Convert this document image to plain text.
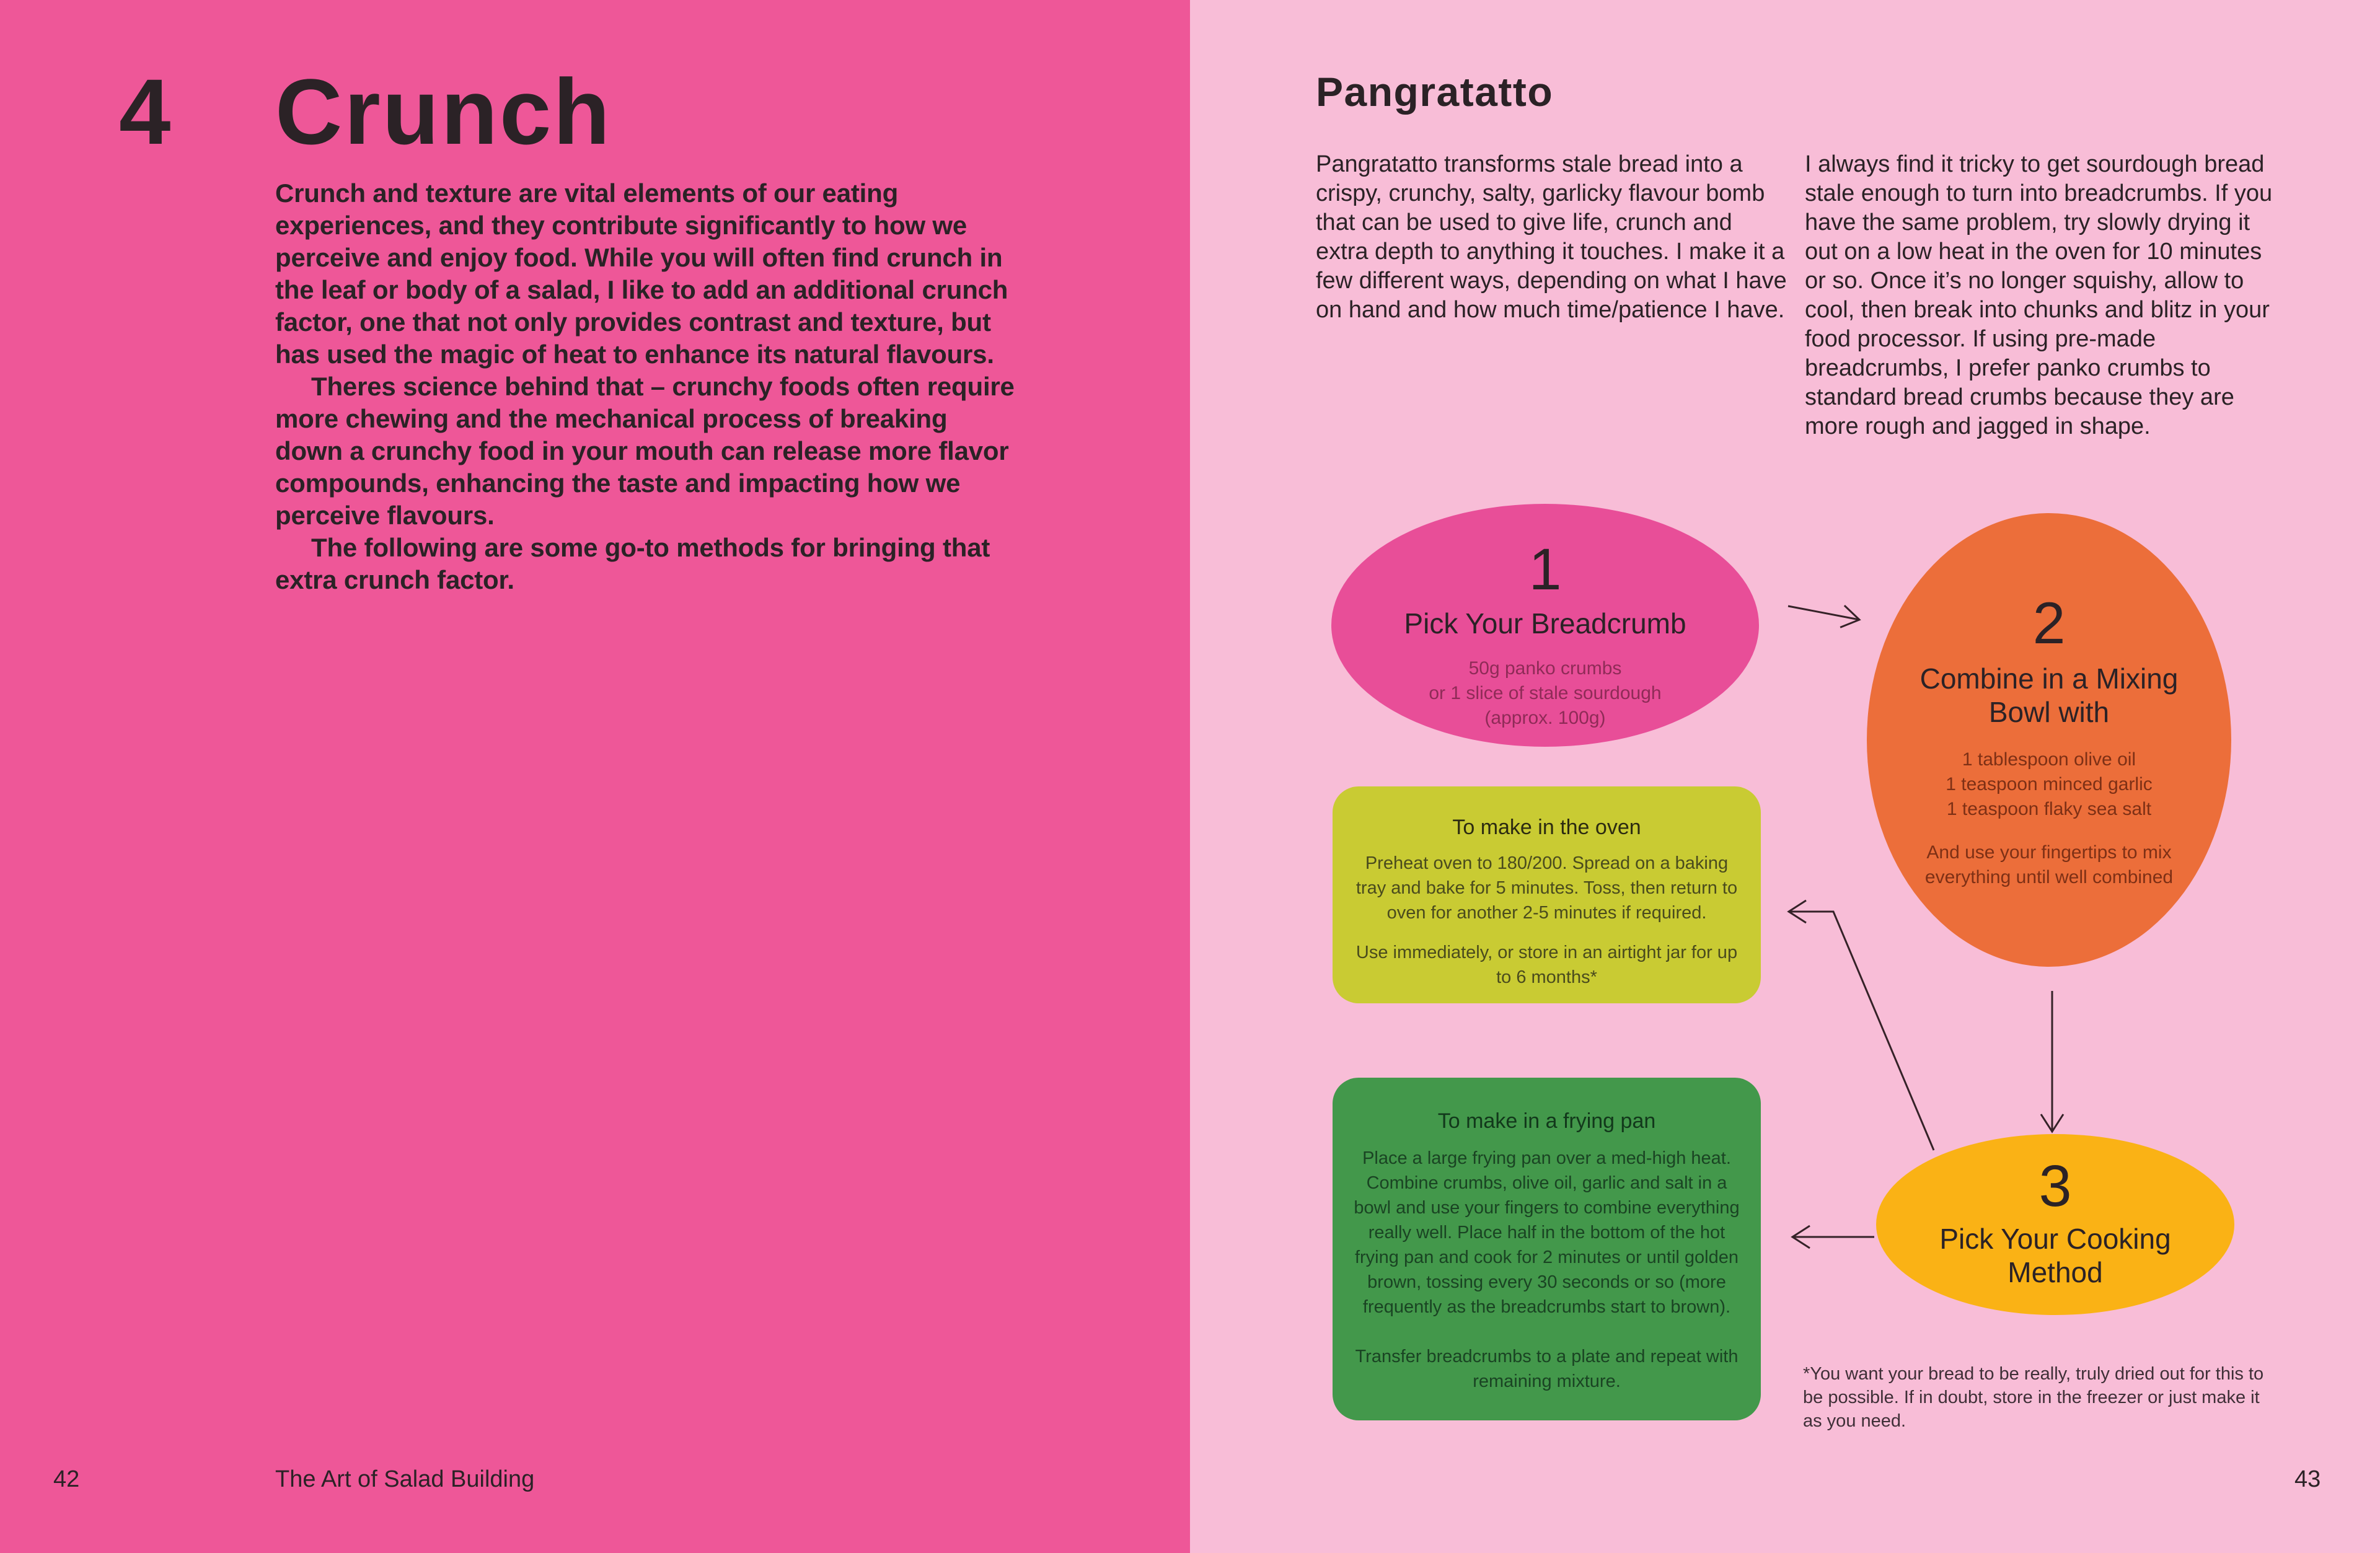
4 Crunch

Crunch and texture are vital elements of our eating experiences, and they contribute significantly to how we perceive and enjoy food. While you will often find crunch in the leaf or body of a salad, I like to add an additional crunch factor, one that not only provides contrast and texture, but has used the magic of heat to enhance its natural flavours.

Theres science behind that – crunchy foods often require more chewing and the mechanical process of breaking down a crunchy food in your mouth can release more flavor compounds, enhancing the taste and impacting how we perceive flavours.

The following are some go-to methods for bringing that extra crunch factor.

42	The Art of Salad Building
Pangratatto

Pangratatto transforms stale bread into a crispy, crunchy, salty, garlicky flavour bomb that can be used to give life, crunch and extra depth to anything it touches. I make it a few different ways, depending on what I have on hand and how much time/patience I have.

I always find it tricky to get sourdough bread stale enough to turn into breadcrumbs. If you have the same problem, try slowly drying it out on a low heat in the oven for 10 minutes or so. Once it’s no longer squishy, allow to cool, then break into chunks and blitz in your food processor. If using pre-made breadcrumbs, I prefer panko crumbs to standard bread crumbs because they are more rough and jagged in shape.

1
Pick Your Breadcrumb
50g panko crumbs
or 1 slice of stale sourdough
(approx. 100g)
2
Combine in a Mixing Bowl with
1 tablespoon olive oil
1 teaspoon minced garlic
1 teaspoon flaky sea salt
And use your fingertips to mix everything until well combined
To make in the oven

Preheat oven to 180/200. Spread on a baking tray and bake for 5 minutes. Toss, then return to oven for another 2-5 minutes if required.

Use immediately, or store in an airtight jar for up to 6 months*

To make in a frying pan

Place a large frying pan over a med-high heat. Combine crumbs, olive oil, garlic and salt in a bowl and use your fingers to combine everything really well. Place half in the bottom of the hot frying pan and cook for 2 minutes or until golden brown, tossing every 30 seconds or so (more frequently as the breadcrumbs start to brown).

Transfer breadcrumbs to a plate and repeat with remaining mixture.

3
Pick Your Cooking Method

*You want your bread to be really, truly dried out for this to be possible. If in doubt, store in the freezer or just make it as you need.

43
